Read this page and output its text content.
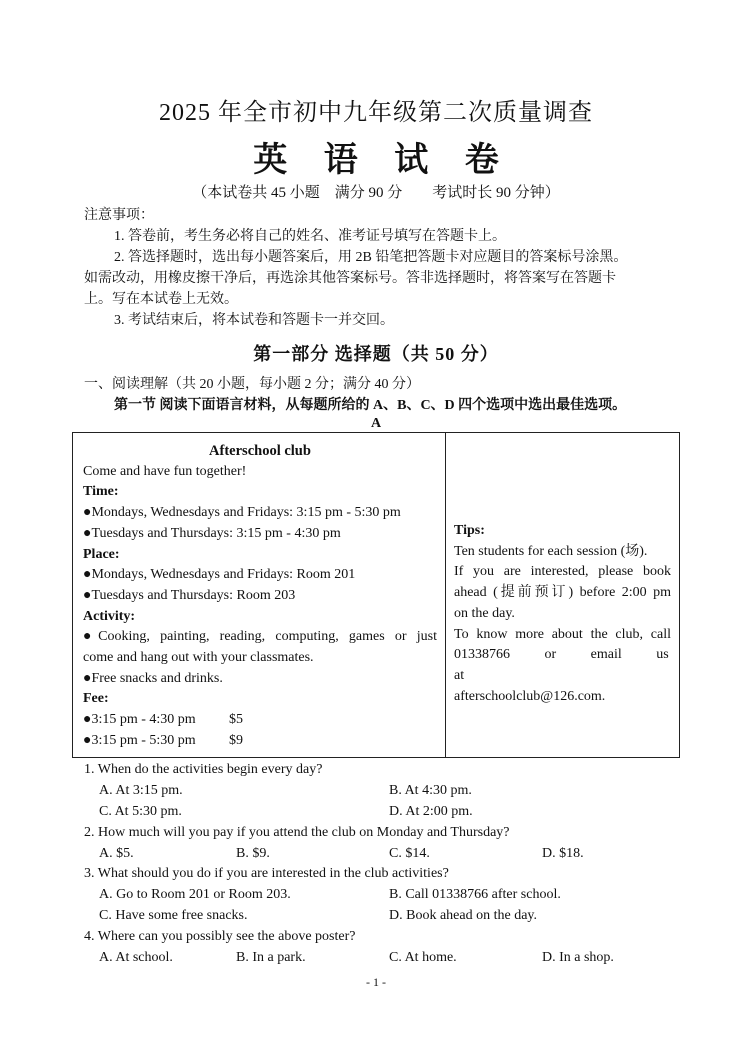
2025 年全市初中九年级第二次质量调查
英 语 试 卷
（本试卷共 45 小题　满分 90 分　　考试时长 90 分钟）

注意事项：

1. 答卷前，考生务必将自己的姓名、准考证号填写在答题卡上。

2. 答选择题时，选出每小题答案后，用 2B 铅笔把答题卡对应题目的答案标号涂黑。

如需改动，用橡皮擦干净后，再选涂其他答案标号。答非选择题时，将答案写在答题卡

上。写在本试卷上无效。

3. 考试结束后，将本试卷和答题卡一并交回。

第一部分 选择题（共 50 分）
一、阅读理解（共 20 小题，每小题 2 分；满分 40 分）
第一节 阅读下面语言材料，从每题所给的 A、B、C、D 四个选项中选出最佳选项。
A
Afterschool club
Come and have fun together!
Time:
●Mondays, Wednesdays and Fridays: 3:15 pm - 5:30 pm
●Tuesdays and Thursdays: 3:15 pm - 4:30 pm
Place:
●Mondays, Wednesdays and Fridays: Room 201
●Tuesdays and Thursdays: Room 203
Activity:
●Cooking, painting, reading, computing, games or just
come and hang out with your classmates.
●Free snacks and drinks.
Fee:
●3:15 pm - 4:30 pm $5
●3:15 pm - 5:30 pm $9

Tips:
Ten students for each session (场).
If you are interested, please book
ahead (提前预订) before 2:00 pm
on the day.
To know more about the club, call
01338766 or email us at
afterschoolclub@126.com.
1. When do the activities begin every day?
A. At 3:15 pm.	B. At 4:30 pm.
C. At 5:30 pm.	D. At 2:00 pm.
2. How much will you pay if you attend the club on Monday and Thursday?
A. $5.	B. $9.	C. $14.	D. $18.
3. What should you do if you are interested in the club activities?
A. Go to Room 201 or Room 203.	B. Call 01338766 after school.
C. Have some free snacks.	D. Book ahead on the day.
4. Where can you possibly see the above poster?
A. At school.	B. In a park.	C. At home.	D. In a shop.
- 1 -
